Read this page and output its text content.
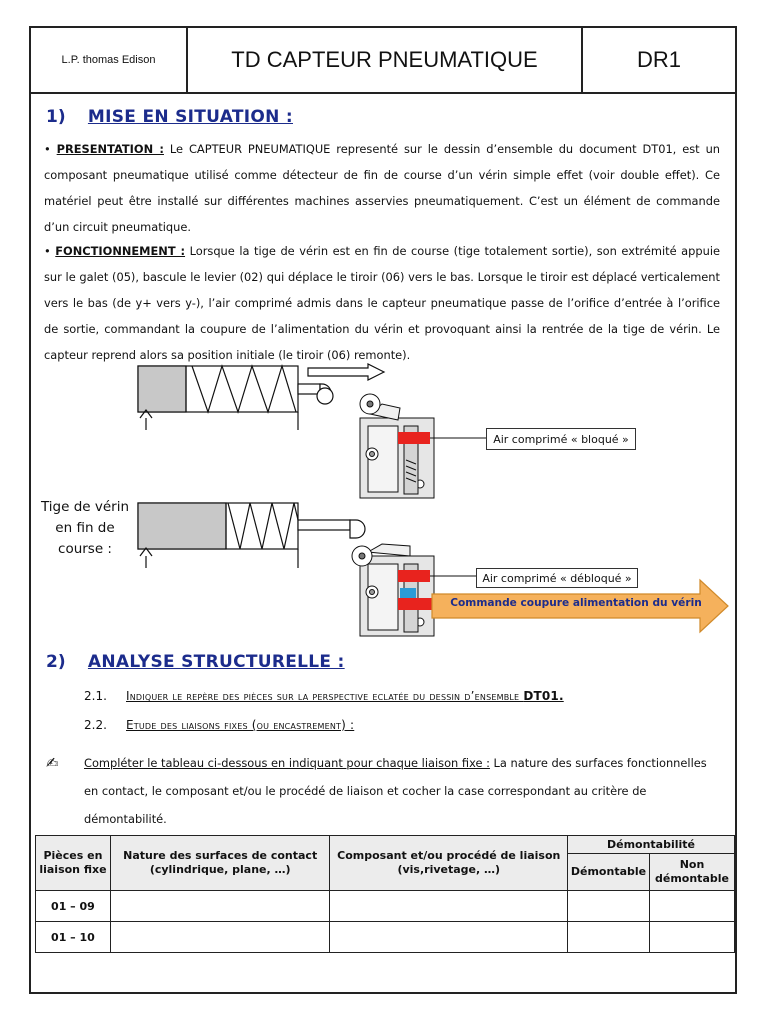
L.P. thomas Edison	TD CAPTEUR PNEUMATIQUE	DR1
1) MISE EN SITUATION :
• PRESENTATION : Le CAPTEUR PNEUMATIQUE representé sur le dessin d’ensemble du document DT01, est un composant pneumatique utilisé comme détecteur de fin de course d’un vérin simple effet (voir double effet). Ce matériel peut être installé sur différentes machines asservies pneumatiquement. C’est un élément de commande d’un circuit pneumatique.
• FONCTIONNEMENT : Lorsque la tige de vérin est en fin de course (tige totalement sortie), son extrémité appuie sur le galet (05), bascule le levier (02) qui déplace le tiroir (06) vers le bas. Lorsque le tiroir est déplacé verticalement vers le bas (de y+ vers y-), l’air comprimé admis dans le capteur pneumatique passe de l’orifice d’entrée à l’orifice de sortie, commandant la coupure de l’alimentation du vérin et provoquant ainsi la rentrée de la tige de vérin. Le capteur reprend alors sa position initiale (le tiroir (06) remonte).
Air comprimé « bloqué »
Air comprimé « débloqué »
Tige de vérin
en fin de
course :
Commande coupure alimentation du vérin
2) ANALYSE STRUCTURELLE :
2.1. Indiquer le repère des pièces sur la perspective eclatée du dessin d’ensemble DT01.
2.2. Etude des liaisons fixes (ou encastrement) :
✍ Compléter le tableau ci-dessous en indiquant pour chaque liaison fixe : La nature des surfaces fonctionnelles en contact, le composant et/ou le procédé de liaison et cocher la case correspondant au critère de démontabilité.
Pièces en liaison fixe	Nature des surfaces de contact (cylindrique, plane, …)	Composant et/ou procédé de liaison (vis,rivetage, …)	Démontabilité	
			Démontable	Non démontable
01 – 09				
01 – 10				
